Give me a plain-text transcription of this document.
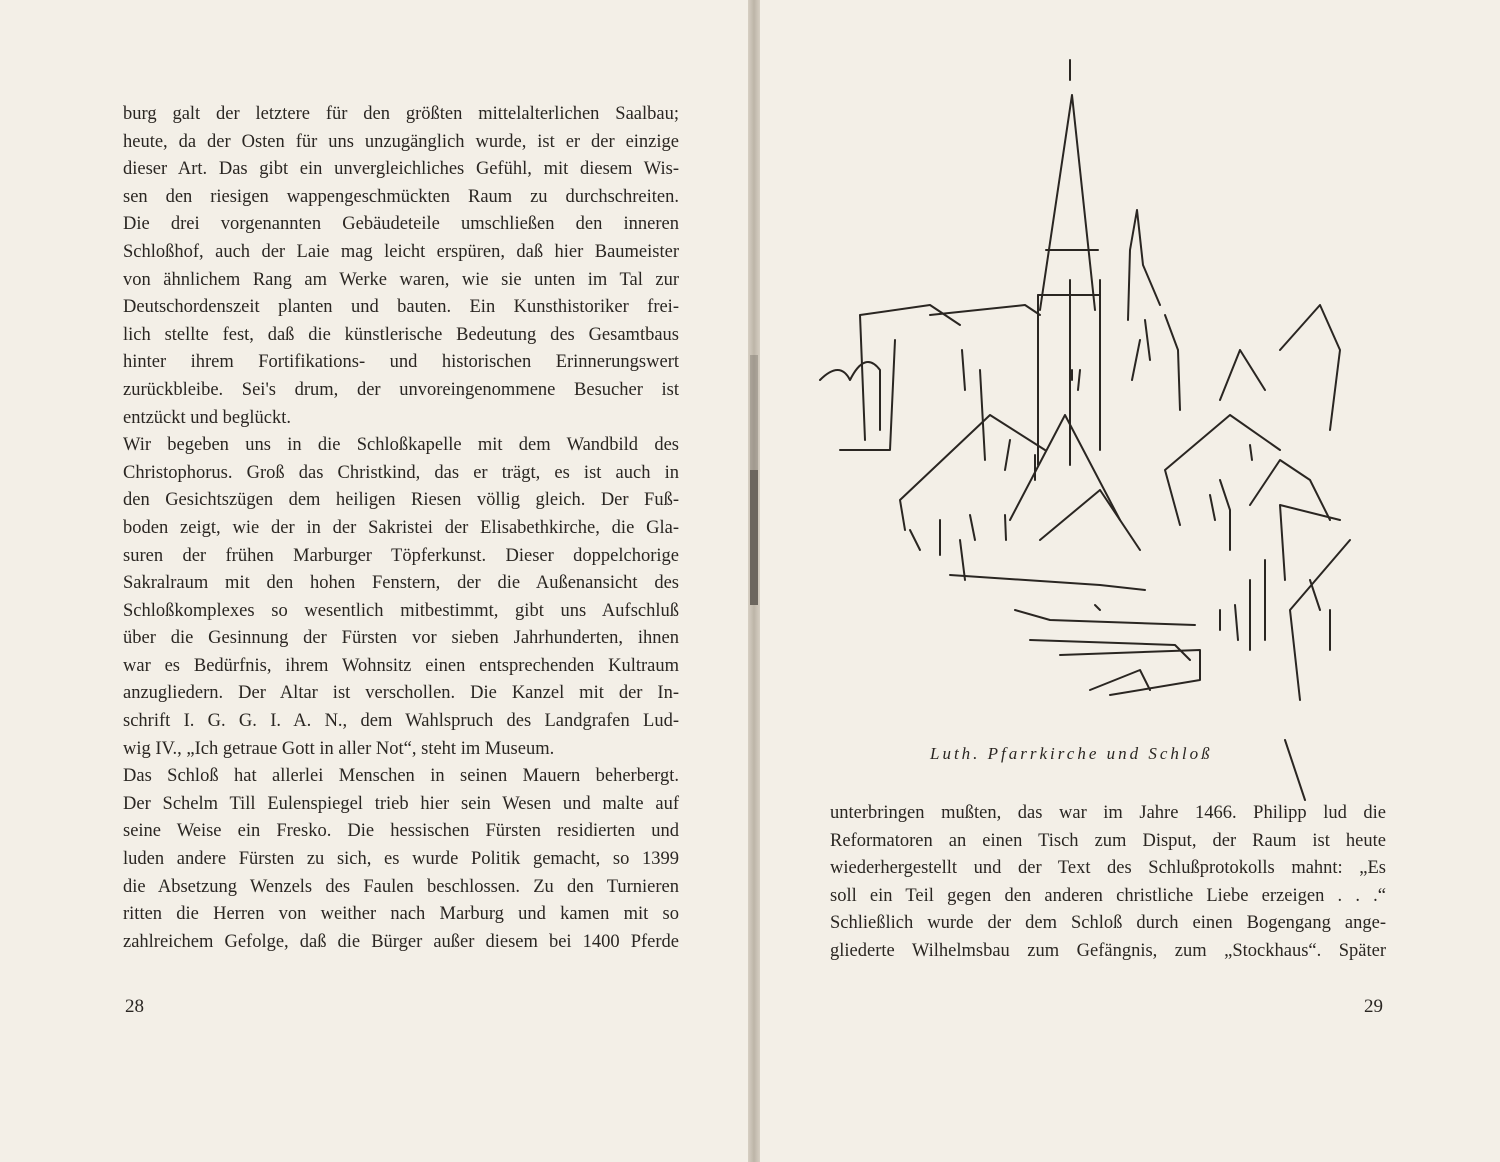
burg galt der letztere für den größten mittelalterlichen Saalbau;
heute, da der Osten für uns unzugänglich wurde, ist er der einzige
dieser Art. Das gibt ein unvergleichliches Gefühl, mit diesem Wis-
sen den riesigen wappengeschmückten Raum zu durchschreiten.
Die drei vorgenannten Gebäudeteile umschließen den inneren
Schloßhof, auch der Laie mag leicht erspüren, daß hier Baumeister
von ähnlichem Rang am Werke waren, wie sie unten im Tal zur
Deutschordenszeit planten und bauten. Ein Kunsthistoriker frei-
lich stellte fest, daß die künstlerische Bedeutung des Gesamtbaus
hinter ihrem Fortifikations- und historischen Erinnerungswert
zurückbleibe. Sei's drum, der unvoreingenommene Besucher ist
entzückt und beglückt.
Wir begeben uns in die Schloßkapelle mit dem Wandbild des
Christophorus. Groß das Christkind, das er trägt, es ist auch in
den Gesichtszügen dem heiligen Riesen völlig gleich. Der Fuß-
boden zeigt, wie der in der Sakristei der Elisabethkirche, die Gla-
suren der frühen Marburger Töpferkunst. Dieser doppelchorige
Sakralraum mit den hohen Fenstern, der die Außenansicht des
Schloßkomplexes so wesentlich mitbestimmt, gibt uns Aufschluß
über die Gesinnung der Fürsten vor sieben Jahrhunderten, ihnen
war es Bedürfnis, ihrem Wohnsitz einen entsprechenden Kultraum
anzugliedern. Der Altar ist verschollen. Die Kanzel mit der In-
schrift I. G. G. I. A. N., dem Wahlspruch des Landgrafen Lud-
wig IV., „Ich getraue Gott in aller Not“, steht im Museum.
Das Schloß hat allerlei Menschen in seinen Mauern beherbergt.
Der Schelm Till Eulenspiegel trieb hier sein Wesen und malte auf
seine Weise ein Fresko. Die hessischen Fürsten residierten und
luden andere Fürsten zu sich, es wurde Politik gemacht, so 1399
die Absetzung Wenzels des Faulen beschlossen. Zu den Turnieren
ritten die Herren von weither nach Marburg und kamen mit so
zahlreichem Gefolge, daß die Bürger außer diesem bei 1400 Pferde
28
Luth. Pfarrkirche und Schloß
unterbringen mußten, das war im Jahre 1466. Philipp lud die
Reformatoren an einen Tisch zum Disput, der Raum ist heute
wiederhergestellt und der Text des Schlußprotokolls mahnt: „Es
soll ein Teil gegen den anderen christliche Liebe erzeigen . . .“
Schließlich wurde der dem Schloß durch einen Bogengang ange-
gliederte Wilhelmsbau zum Gefängnis, zum „Stockhaus“. Später
29
